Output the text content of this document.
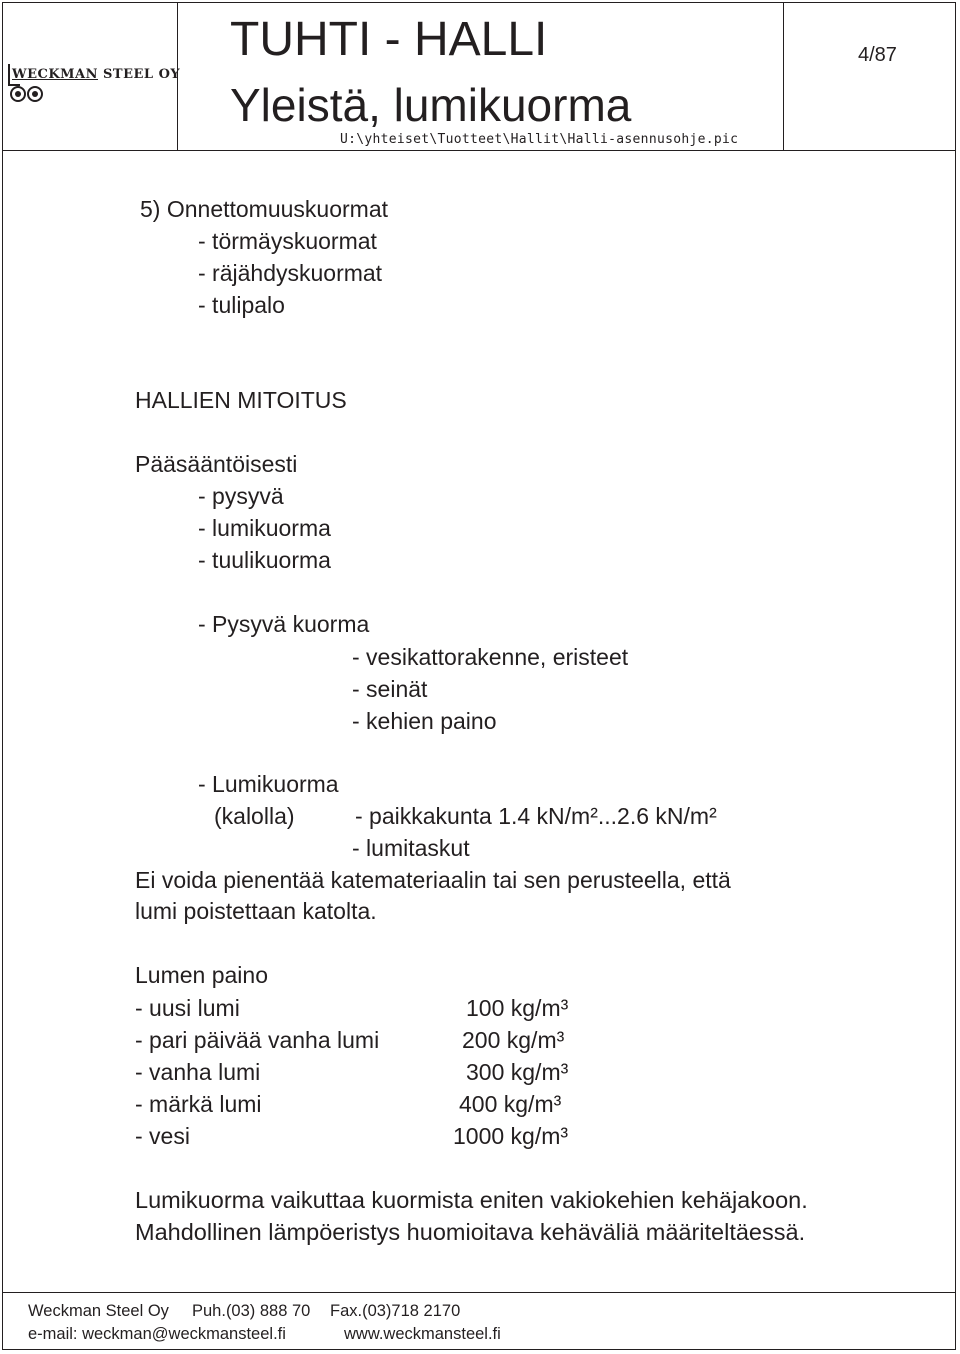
WECKMAN STEEL OY
TUHTI - HALLI
Yleistä, lumikuorma
U:\yhteiset\Tuotteet\Hallit\Halli-asennusohje.pic
4/87
5) Onnettomuuskuormat
- törmäyskuormat
- räjähdyskuormat
- tulipalo
HALLIEN MITOITUS
Pääsääntöisesti
- pysyvä
- lumikuorma
- tuulikuorma
- Pysyvä kuorma
- vesikattorakenne, eristeet
- seinät
- kehien paino
- Lumikuorma
(kalolla)	- paikkakunta 1.4 kN/m²...2.6 kN/m²
- lumitaskut
Ei voida pienentää katemateriaalin tai sen perusteella, että
lumi poistettaan katolta.
Lumen paino
- uusi lumi	100 kg/m³
- pari päivää vanha lumi	200 kg/m³
- vanha lumi	300 kg/m³
- märkä lumi	400 kg/m³
- vesi	1000 kg/m³
Lumikuorma vaikuttaa kuormista eniten vakiokehien kehäjakoon.
Mahdollinen lämpöeristys huomioitava kehäväliä määriteltäessä.
Weckman Steel Oy Puh.(03) 888 70 Fax.(03)718 2170
e-mail: weckman@weckmansteel.fi	www.weckmansteel.fi
